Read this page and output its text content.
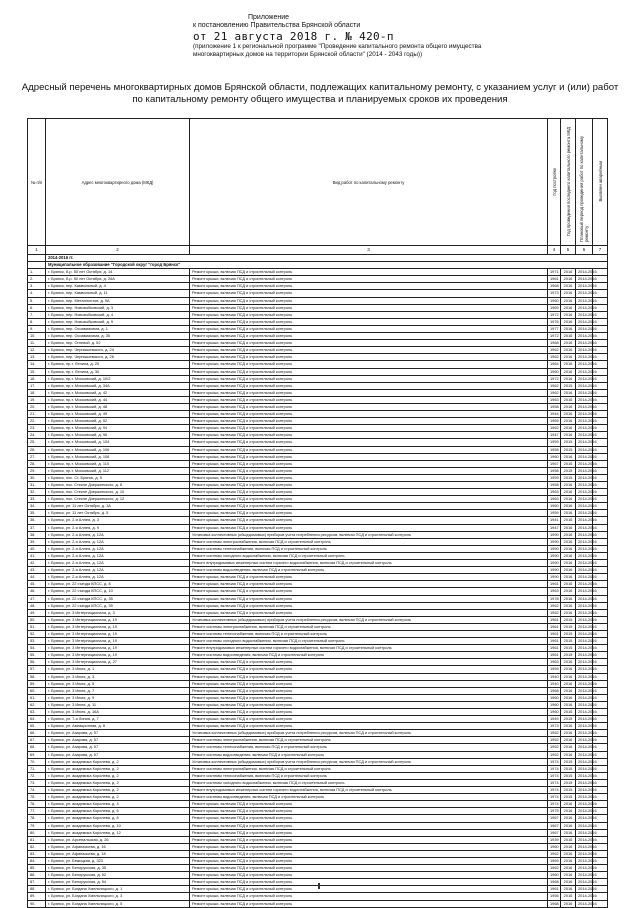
Приложение
к постановлению Правительства Брянской области
от 21 августа 2018 г. № 420-п
(приложение 1 к региональной программе "Проведение капитального ремонта общего имущества
многоквартирных домов на территории Брянской области" (2014 - 2043 годы))
Адресный перечень многоквартирных домов Брянской области, подлежащих капитальному ремонту, с указанием услуг и (или) работ по капитальному ремонту общего имущества и планируемых сроков их проведения
№ п/п	Адрес многоквартирного дома (МКД)	Вид работ по капитальному ремонту	Год постройки	Год проведения последнего капитального ремонта МКД	Плановый период проведения работ по капитальному ремонту	Выявлен аварийным
1	2	3	4	5	6	7
	2014-2016 гг.					
	Муниципальное образование "Городской округ "город Брянск"					
1.	г. Брянск, б-р. 50 лет Октября, д. 14	Ремонт крыши, включая ПСД и строительный контроль	1971	2016	2014-2016	
2.	г. Брянск, б-р. 50 лет Октября, д. 26А	Ремонт крыши, включая ПСД и строительный контроль	1961	2016	2014-2016	
3.	г. Брянск, пер. Камвольный, д. 4	Ремонт крыши, включая ПСД и строительный контроль	1968	2016	2014-2016	
4.	г. Брянск, пер. Камвольный, д. 11	Ремонт крыши, включая ПСД и строительный контроль	1973	2016	2014-2016	
5.	г. Брянск, пер. Металлистов, д. 9А	Ремонт крыши, включая ПСД и строительный контроль	1960	2016	2014-2016	
6.	г. Брянск, пер. Новозыбковский, д. 3	Ремонт крыши, включая ПСД и строительный контроль	1969	2016	2014-2016	
7.	г. Брянск, пер. Новозыбковский, д. 4	Ремонт крыши, включая ПСД и строительный контроль	1972	2016	2014-2016	
8.	г. Брянск, пер. Новозыбковский, д. 9	Ремонт крыши, включая ПСД и строительный контроль	1976	2016	2014-2016	
9.	г. Брянск, пер. Осоавиахима, д. 1	Ремонт крыши, включая ПСД и строительный контроль	1977	2016	2014-2016	
10.	г. Брянск, пер. Осоавиахима, д. 35	Ремонт крыши, включая ПСД и строительный контроль	1972	2016	2014-2016	
11.	г. Брянск, пер. Огневой, д. 52	Ремонт крыши, включая ПСД и строительный контроль	1968	2016	2014-2016	
12.	г. Брянск, пер. Чернышевского, д. 24	Ремонт крыши, включая ПСД и строительный контроль	1962	2016	2014-2016	
13.	г. Брянск, пер. Чернышевского, д. 26	Ремонт крыши, включая ПСД и строительный контроль	1962	2016	2014-2016	
14.	г. Брянск, пр-т. Ленина, д. 20	Ремонт крыши, включая ПСД и строительный контроль	1964	2016	2014-2016	
15.	г. Брянск, пр-т. Ленина, д. 30	Ремонт крыши, включая ПСД и строительный контроль	1960	2016	2014-2016	
16.	г. Брянск, пр-т. Московский, д. 10/2	Ремонт крыши, включая ПСД и строительный контроль	1972	2016	2014-2016	
17.	г. Брянск, пр-т. Московский, д. 34А	Ремонт крыши, включая ПСД и строительный контроль	1962	2015	2014-2016	
18.	г. Брянск, пр-т. Московский, д. 42	Ремонт крыши, включая ПСД и строительный контроль	1962	2016	2014-2016	
19.	г. Брянск, пр-т. Московский, д. 44	Ремонт крыши, включая ПСД и строительный контроль	1963	2016	2014-2016	
20.	г. Брянск, пр-т. Московский, д. 48	Ремонт крыши, включая ПСД и строительный контроль	1958	2016	2014-2016	
21.	г. Брянск, пр-т. Московский, д. 49	Ремонт крыши, включая ПСД и строительный контроль	1944	2016	2014-2016	
22.	г. Брянск, пр-т. Московский, д. 52	Ремонт крыши, включая ПСД и строительный контроль	1965	2016	2014-2016	
23.	г. Брянск, пр-т. Московский, д. 94	Ремонт крыши, включая ПСД и строительный контроль	1962	2016	2014-2016	
24.	г. Брянск, пр-т. Московский, д. 96	Ремонт крыши, включая ПСД и строительный контроль	1947	2016	2014-2016	
25.	г. Брянск, пр-т. Московский, д. 104	Ремонт крыши, включая ПСД и строительный контроль	1959	2015	2014-2016	
26.	г. Брянск, пр-т. Московский, д. 106	Ремонт крыши, включая ПСД и строительный контроль	1958	2015	2014-2016	
27.	г. Брянск, пр-т. Московский, д. 108	Ремонт крыши, включая ПСД и строительный контроль	1960	2016	2014-2016	
28.	г. Брянск, пр-т. Московский, д. 110	Ремонт крыши, включая ПСД и строительный контроль	1967	2016	2014-2016	
29.	г. Брянск, пр-т. Московский, д. 112	Ремонт крыши, включая ПСД и строительный контроль	1958	2015	2014-2016	
30.	г. Брянск, пос. Ст. Брянск, д. 5	Ремонт крыши, включая ПСД и строительный контроль	1959	2015	2014-2016	
31.	г. Брянск, пос. Стекле Дзержинского, д. 8	Ремонт крыши, включая ПСД и строительный контроль	1958	2016	2014-2016	
32.	г. Брянск, пос. Стекле Дзержинского, д. 10	Ремонт крыши, включая ПСД и строительный контроль	1963	2016	2014-2016	
33.	г. Брянск, пос. Стекле Дзержинского, д. 12	Ремонт крыши, включая ПСД и строительный контроль	1963	2016	2014-2016	
34.	г. Брянск, ул. 11 лет Октября, д. 1А	Ремонт крыши, включая ПСД и строительный контроль	1960	2016	2014-2016	
35.	г. Брянск, ул. 11 лет Октября, д. 5	Ремонт крыши, включая ПСД и строительный контроль	1959	2016	2014-2016	
36.	г. Брянск, ул. 2-я Аллея, д. 3	Ремонт крыши, включая ПСД и строительный контроль	1941	2016	2014-2016	
37.	г. Брянск, ул. 2-я Аллея, д. 9	Ремонт крыши, включая ПСД и строительный контроль	1947	2016	2014-2016	
38.	г. Брянск, ул. 2-я Аллея, д. 12А	Установка коллективных (общедомовых) приборов учета потребления ресурсов, включая ПСД и строительный контроль	1990	2016	2014-2016	
39.	г. Брянск, ул. 2-я Аллея, д. 12А	Ремонт системы электроснабжения, включая ПСД и строительный контроль	1990	2016	2014-2016	
40.	г. Брянск, ул. 2-я Аллея, д. 12А	Ремонт системы теплоснабжения, включая ПСД и строительный контроль	1990	2016	2014-2016	
41.	г. Брянск, ул. 2-я Аллея, д. 12А	Ремонт системы холодного водоснабжения, включая ПСД и строительный контроль	1990	2016	2014-2016	
42.	г. Брянск, ул. 2-я Аллея, д. 12А	Ремонт внутридомовых инженерных систем горячего водоснабжения, включая ПСД и строительный контроль	1990	2016	2014-2016	
43.	г. Брянск, ул. 2-я Аллея, д. 12А	Ремонт системы водоотведения, включая ПСД и строительный контроль	1990	2016	2014-2016	
44.	г. Брянск, ул. 2-я Аллея, д. 12А	Ремонт крыши, включая ПСД и строительный контроль	1990	2016	2014-2016	
45.	г. Брянск, ул. 22 съезда КПСС, д. 8	Ремонт крыши, включая ПСД и строительный контроль	1961	2016	2014-2016	
46.	г. Брянск, ул. 22 съезда КПСС, д. 10	Ремонт крыши, включая ПСД и строительный контроль	1963	2016	2014-2016	
47.	г. Брянск, ул. 22 съезда КПСС, д. 35	Ремонт крыши, включая ПСД и строительный контроль	1978	2016	2014-2016	
48.	г. Брянск, ул. 22 съезда КПСС, д. 39	Ремонт крыши, включая ПСД и строительный контроль	1962	2016	2014-2016	
49.	г. Брянск, ул. 3 Интернационала, д. 3	Ремонт крыши, включая ПСД и строительный контроль	1952	2016	2014-2016	
50.	г. Брянск, ул. 3 Интернационала, д. 19	Установка коллективных (общедомовых) приборов учета потребления ресурсов, включая ПСД и строительный контроль	1961	2015	2014-2016	
51.	г. Брянск, ул. 3 Интернационала, д. 19	Ремонт системы электроснабжения, включая ПСД и строительный контроль	1961	2015	2014-2016	
52.	г. Брянск, ул. 3 Интернационала, д. 19	Ремонт системы теплоснабжения, включая ПСД и строительный контроль	1961	2015	2014-2016	
53.	г. Брянск, ул. 3 Интернационала, д. 19	Ремонт системы холодного водоснабжения, включая ПСД и строительный контроль	1961	2015	2014-2016	
54.	г. Брянск, ул. 3 Интернационала, д. 19	Ремонт внутридомовых инженерных систем горячего водоснабжения, включая ПСД и строительный контроль	1961	2015	2014-2016	
55.	г. Брянск, ул. 3 Интернационала, д. 19	Ремонт системы водоотведения, включая ПСД и строительный контроль	1961	2015	2014-2016	
56.	г. Брянск, ул. 3 Интернационала, д. 27	Ремонт крыши, включая ПСД и строительный контроль	1963	2016	2014-2016	
57.	г. Брянск, ул. 3 Июля, д. 1	Ремонт крыши, включая ПСД и строительный контроль	1959	2016	2014-2016	
58.	г. Брянск, ул. 3 Июля, д. 3	Ремонт крыши, включая ПСД и строительный контроль	1940	2016	2014-2016	
59.	г. Брянск, ул. 3 Июля, д. 5	Ремонт крыши, включая ПСД и строительный контроль	1940	2016	2014-2016	
60.	г. Брянск, ул. 3 Июля, д. 7	Ремонт крыши, включая ПСД и строительный контроль	1968	2016	2014-2016	
61.	г. Брянск, ул. 3 Июля, д. 9	Ремонт крыши, включая ПСД и строительный контроль	1960	2016	2014-2016	
62.	г. Брянск, ул. 3 Июля, д. 11	Ремонт крыши, включая ПСД и строительный контроль	1960	2016	2014-2016	
63.	г. Брянск, ул. 3 Июля, д. 16А	Ремонт крыши, включая ПСД и строительный контроль	1960	2016	2014-2016	
64.	г. Брянск, ул. 7-я Линия, д. 7	Ремонт крыши, включая ПСД и строительный контроль	1949	2015	2014-2016	
65.	г. Брянск, ул. Авиационная, д. 8	Ремонт крыши, включая ПСД и строительный контроль	1973	2016	2014-2016	
66.	г. Брянск, ул. Азарова, д. 57	Установка коллективных (общедомовых) приборов учета потребления ресурсов, включая ПСД и строительный контроль	1952	2016	2014-2016	
67.	г. Брянск, ул. Азарова, д. 57	Ремонт системы электроснабжения, включая ПСД и строительный контроль	1952	2016	2014-2016	
68.	г. Брянск, ул. Азарова, д. 57	Ремонт системы теплоснабжения, включая ПСД и строительный контроль	1952	2016	2014-2016	
69.	г. Брянск, ул. Азарова, д. 57	Ремонт системы водоотведения, включая ПСД и строительный контроль	1952	2016	2014-2016	
70.	г. Брянск, ул. академика Королева, д. 2	Установка коллективных (общедомовых) приборов учета потребления ресурсов, включая ПСД и строительный контроль	1974	2015	2014-2016	
71.	г. Брянск, ул. академика Королева, д. 2	Ремонт системы электроснабжения, включая ПСД и строительный контроль	1974	2015	2014-2016	
72.	г. Брянск, ул. академика Королева, д. 2	Ремонт системы теплоснабжения, включая ПСД и строительный контроль	1974	2015	2014-2016	
73.	г. Брянск, ул. академика Королева, д. 2	Ремонт системы холодного водоснабжения, включая ПСД и строительный контроль	1974	2015	2014-2016	
74.	г. Брянск, ул. академика Королева, д. 2	Ремонт внутридомовых инженерных систем горячего водоснабжения, включая ПСД и строительный контроль	1974	2015	2014-2016	
75.	г. Брянск, ул. академика Королева, д. 2	Ремонт системы водоотведения, включая ПСД и строительный контроль	1974	2015	2014-2016	
76.	г. Брянск, ул. академика Королева, д. 4	Ремонт крыши, включая ПСД и строительный контроль	1974	2016	2014-2016	
77.	г. Брянск, ул. академика Королева, д. 6	Ремонт крыши, включая ПСД и строительный контроль	1975	2016	2014-2016	
78.	г. Брянск, ул. академика Королева, д. 8	Ремонт крыши, включая ПСД и строительный контроль	1967	2016	2014-2016	
79.	г. Брянск, ул. академика Королева, д. 10	Ремонт крыши, включая ПСД и строительный контроль	1967	2016	2014-2016	
80.	г. Брянск, ул. академика Королева, д. 12	Ремонт крыши, включая ПСД и строительный контроль	1967	2016	2014-2016	
81.	г. Брянск, ул. Арсенальская, д. 26	Ремонт крыши, включая ПСД и строительный контроль	1939	2016	2014-2016	
82.	г. Брянск, ул. Афанасьева, д. 16	Ремонт крыши, включая ПСД и строительный контроль	1960	2016	2014-2016	
83.	г. Брянск, ул. Афанасьева, д. 18	Ремонт крыши, включая ПСД и строительный контроль	1962	2016	2014-2016	
84.	г. Брянск, ул. Бежицкая, д. 323	Ремонт крыши, включая ПСД и строительный контроль	1969	2016	2014-2016	
85.	г. Брянск, ул. Белорусская, д. 35	Ремонт крыши, включая ПСД и строительный контроль	1962	2016	2014-2016	
86.	г. Брянск, ул. Белорусская, д. 52	Ремонт крыши, включая ПСД и строительный контроль	1960	2016	2014-2016	
87.	г. Брянск, ул. Белорусская, д. 54	Ремонт крыши, включая ПСД и строительный контроль	1968	2016	2014-2016	
88.	г. Брянск, ул. Богдана Хмельницкого, д. 1	Ремонт крыши, включая ПСД и строительный контроль	1961	2016	2014-2016	
89.	г. Брянск, ул. Богдана Хмельницкого, д. 3	Ремонт крыши, включая ПСД и строительный контроль	1956	2016	2014-2016	
90.	г. Брянск, ул. Богдана Хмельницкого, д. 5	Ремонт крыши, включая ПСД и строительный контроль	1968	2016	2014-2016	
